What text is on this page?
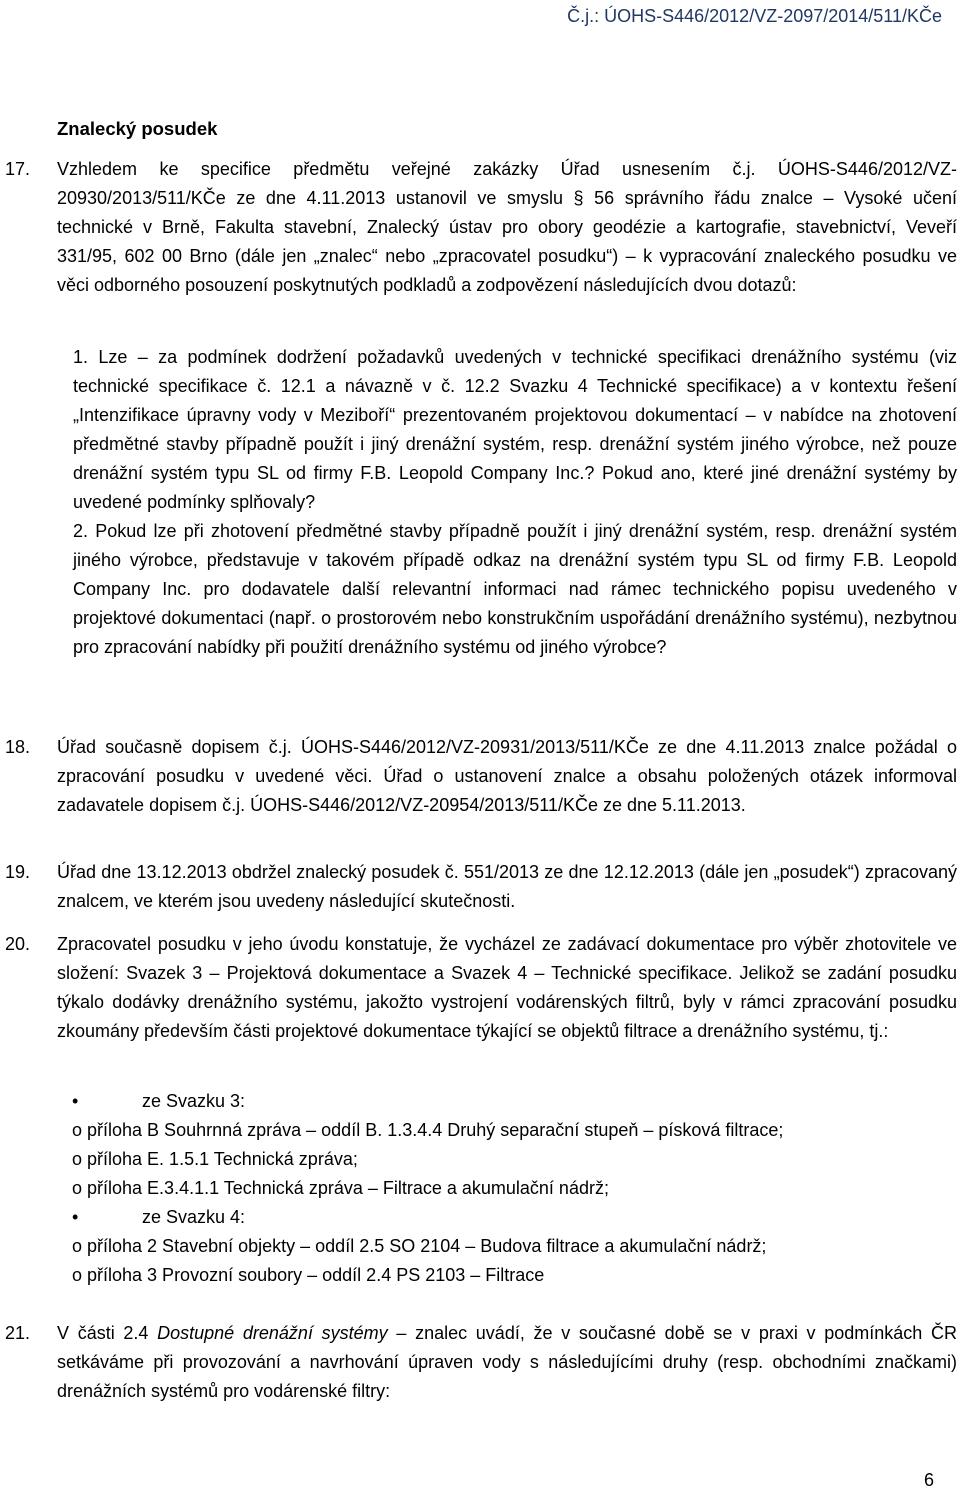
Č.j.: ÚOHS-S446/2012/VZ-2097/2014/511/KČe
Znalecký posudek
17. Vzhledem ke specifice předmětu veřejné zakázky Úřad usnesením č.j. ÚOHS-S446/2012/VZ-20930/2013/511/KČe ze dne 4.11.2013 ustanovil ve smyslu § 56 správního řádu znalce – Vysoké učení technické v Brně, Fakulta stavební, Znalecký ústav pro obory geodézie a kartografie, stavebnictví, Veveří 331/95, 602 00 Brno (dále jen „znalec“ nebo „zpracovatel posudku“) – k vypracování znaleckého posudku ve věci odborného posouzení poskytnutých podkladů a zodpovězení následujících dvou dotazů:

1. Lze – za podmínek dodržení požadavků uvedených v technické specifikaci drenážního systému (viz technické specifikace č. 12.1 a návazně v č. 12.2 Svazku 4 Technické specifikace) a v kontextu řešení „Intenzifikace úpravny vody v Meziboří“ prezentovaném projektovou dokumentací – v nabídce na zhotovení předmětné stavby případně použít i jiný drenážní systém, resp. drenážní systém jiného výrobce, než pouze drenážní systém typu SL od firmy F.B. Leopold Company Inc.? Pokud ano, které jiné drenážní systémy by uvedené podmínky splňovaly?

2. Pokud lze při zhotovení předmětné stavby případně použít i jiný drenážní systém, resp. drenážní systém jiného výrobce, představuje v takovém případě odkaz na drenážní systém typu SL od firmy F.B. Leopold Company Inc. pro dodavatele další relevantní informaci nad rámec technického popisu uvedeného v projektové dokumentaci (např. o prostorovém nebo konstrukčním uspořádání drenážního systému), nezbytnou pro zpracování nabídky při použití drenážního systému od jiného výrobce?

18. Úřad současně dopisem č.j. ÚOHS-S446/2012/VZ-20931/2013/511/KČe ze dne 4.11.2013 znalce požádal o zpracování posudku v uvedené věci. Úřad o ustanovení znalce a obsahu položených otázek informoval zadavatele dopisem č.j. ÚOHS-S446/2012/VZ-20954/2013/511/KČe ze dne 5.11.2013.
19. Úřad dne 13.12.2013 obdržel znalecký posudek č. 551/2013 ze dne 12.12.2013 (dále jen „posudek“) zpracovaný znalcem, ve kterém jsou uvedeny následující skutečnosti.
20. Zpracovatel posudku v jeho úvodu konstatuje, že vycházel ze zadávací dokumentace pro výběr zhotovitele ve složení: Svazek 3 – Projektová dokumentace a Svazek 4 – Technické specifikace. Jelikož se zadání posudku týkalo dodávky drenážního systému, jakožto vystrojení vodárenských filtrů, byly v rámci zpracování posudku zkoumány především části projektové dokumentace týkající se objektů filtrace a drenážního systému, tj.:
•	ze Svazku 3:
o příloha B Souhrnná zpráva – oddíl B. 1.3.4.4 Druhý separační stupeň – písková filtrace;
o příloha E. 1.5.1 Technická zpráva;
o příloha E.3.4.1.1 Technická zpráva – Filtrace a akumulační nádrž;
•	ze Svazku 4:
o příloha 2 Stavební objekty – oddíl 2.5 SO 2104 – Budova filtrace a akumulační nádrž;
o příloha 3 Provozní soubory – oddíl 2.4 PS 2103 – Filtrace
21. V části 2.4 Dostupné drenážní systémy – znalec uvádí, že v současné době se v praxi v podmínkách ČR setkáváme při provozování a navrhování úpraven vody s následujícími druhy (resp. obchodními značkami) drenážních systémů pro vodárenské filtry:
6
